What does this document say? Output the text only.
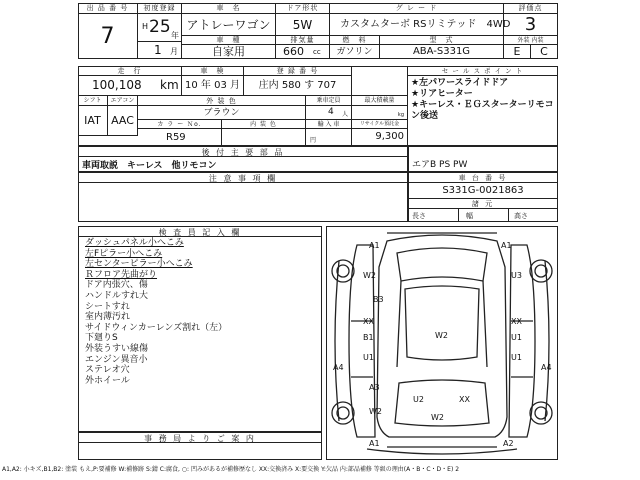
出 品 番 号
7
初度登録
H 25 年
1 月
車　名
アトレーワゴン
車　種
自家用
ドア形状
5W
排気量
660 cc
グ レ ー ド
カスタムターボ RSリミテッド　4WD
燃　料
ガソリン
型　式
ABA-S331G
評価点
3
外装 内装
E	C
走　行
100,108 km
車　検
10 年 03 月
登 録 番 号
庄内 580 す 707
セ ー ル ス ポ イ ン ト
シフト	エアコン
IAT AAC
外 装 色
ブラウン
カ ラ ー Ｎo.	内 装 色
R59
乗車定員
4 人
最大積載量
kg
輸 入 車	リサイクル預託金
円	9,300
★左パワースライドドア
★リアヒーター
★キーレス・ＥＧスターターリモコ
ン後送
後 付 主 要 部 品
車両取説　キーレス　他リモコン	エアB PS PW
注 意 事 項 欄	車 台 番 号
S331G-0021863
諸 元
長さ	幅	高さ
検 査 員 記 入 欄
ダッシュパネル小へこみ
左Fピラー小へこみ
左センターピラー小へこみ
Ｒフロア先曲がり
ドア内張穴、傷
ハンドルすれ大
シートすれ
室内薄汚れ
サイドウィンカーレンズ割れ（左）
下廻りS
外装うすい線傷
エンジン異音小
ステレオ穴
外ホイール
事 務 局 よ り ご 案 内
A1	A1
W2	U3
B3
XX	XX
B1	U1
W2
U1	U1
A4	A4
A3
U2	XX
W2
W2
A1	A2
A1,A2: 小キズ,B1,B2: 塗装 もえ,P:要補修 W:補修跡 S:錆 C:腐食, ○: 凹みがあるが補修歴なし XX:交換済み X:要交換 Y:欠品 内:部品補修 等級の理由(A・B・C・D・E) 2
